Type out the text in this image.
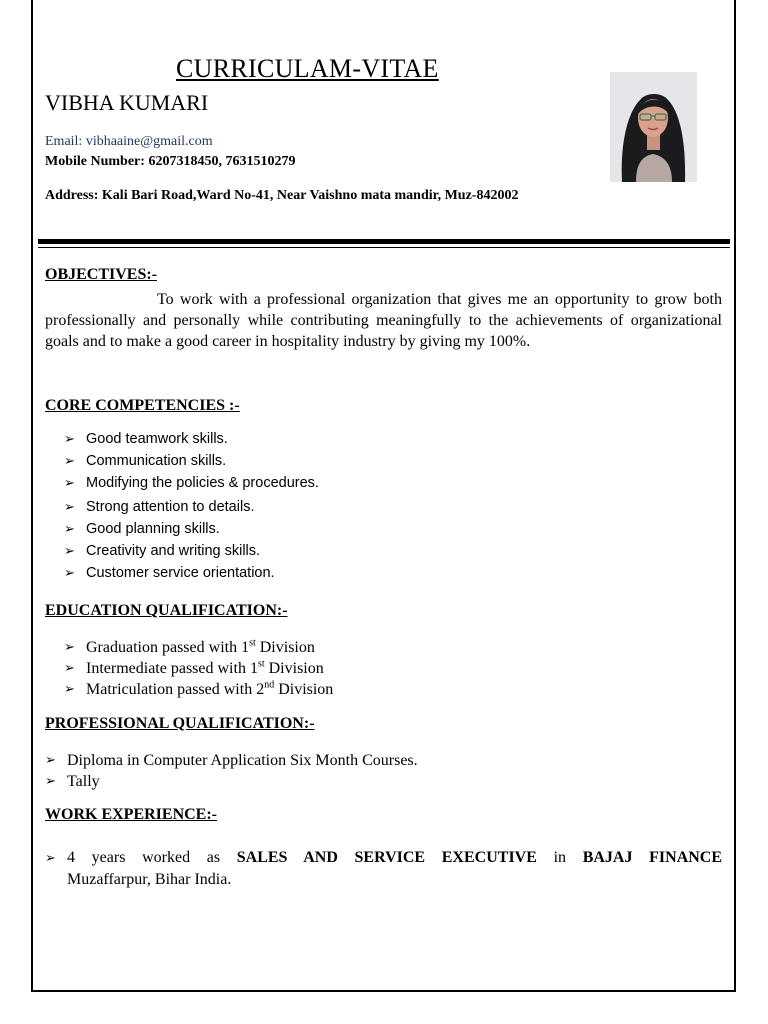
CURRICULAM-VITAE
VIBHA KUMARI
Email: vibhaaine@gmail.com
Mobile Number: 6207318450, 7631510279
Address: Kali Bari Road,Ward No-41, Near Vaishno mata mandir, Muz-842002
OBJECTIVES:-
To work with a professional organization that gives me an opportunity to grow both professionally and personally while contributing meaningfully to the achievements of organizational goals and to make a good career in hospitality industry by giving my 100%.
CORE COMPETENCIES :-
➢ Good teamwork skills.
➢ Communication skills.
➢ Modifying the policies & procedures.
➢ Strong attention to details.
➢ Good planning skills.
➢ Creativity and writing skills.
➢ Customer service orientation.
EDUCATION QUALIFICATION:-
➢ Graduation passed with 1st Division
➢ Intermediate passed with 1st Division
➢ Matriculation passed with 2nd Division
PROFESSIONAL QUALIFICATION:-
➢ Diploma in Computer Application Six Month Courses.
➢ Tally
WORK EXPERIENCE:-
➢ 4 years worked as SALES AND SERVICE EXECUTIVE in BAJAJ FINANCE
Muzaffarpur, Bihar India.
